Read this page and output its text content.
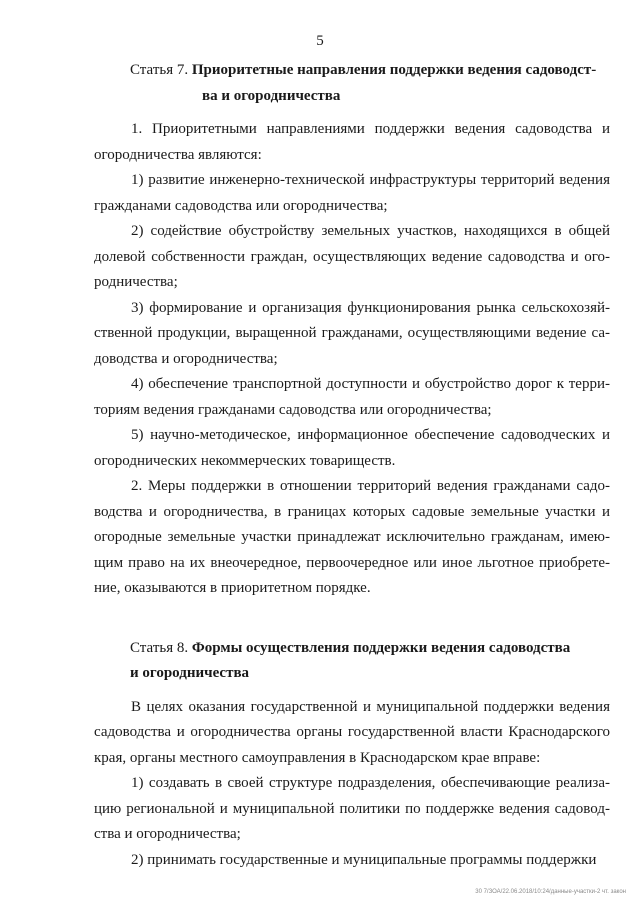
5

Статья 7. Приоритетные направления поддержки ведения садоводст-
ва и огородничества

1. Приоритетными направлениями поддержки ведения садоводства и огородничества являются:

1) развитие инженерно-технической инфраструктуры территорий ведения гражданами садоводства или огородничества;

2) содействие обустройству земельных участков, находящихся в общей долевой собственности граждан, осуществляющих ведение садоводства и ого-родничества;

3) формирование и организация функционирования рынка сельскохозяй-ственной продукции, выращенной гражданами, осуществляющими ведение са-доводства и огородничества;

4) обеспечение транспортной доступности и обустройство дорог к терри-ториям ведения гражданами садоводства или огородничества;

5) научно-методическое, информационное обеспечение садоводческих и огороднических некоммерческих товариществ.

2. Меры поддержки в отношении территорий ведения гражданами садо-водства и огородничества, в границах которых садовые земельные участки и огородные земельные участки принадлежат исключительно гражданам, имею-щим право на их внеочередное, первоочередное или иное льготное приобрете-ние, оказываются в приоритетном порядке.

Статья 8. Формы осуществления поддержки ведения садоводства
и огородничества

В целях оказания государственной и муниципальной поддержки ведения садоводства и огородничества органы государственной власти Краснодарского края, органы местного самоуправления в Краснодарском крае вправе:

1) создавать в своей структуре подразделения, обеспечивающие реализа-цию региональной и муниципальной политики по поддержке ведения садовод-ства и огородничества;

2) принимать государственные и муниципальные программы поддержки

30 7/ЗОА/22.06.2018/10:24/данные-участки-2 чт. закон
